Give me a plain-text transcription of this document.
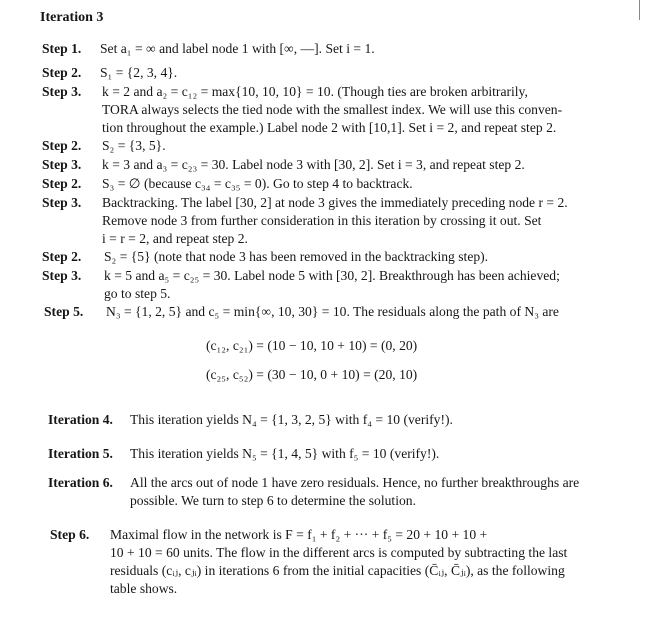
Iteration 3
Step 1.	Set a₁ = ∞ and label node 1 with [∞, —]. Set i = 1.
Step 2.	S₁ = {2, 3, 4}.
Step 3.	k = 2 and a₂ = c₁₂ = max{10, 10, 10} = 10. (Though ties are broken arbitrarily,
TORA always selects the tied node with the smallest index. We will use this conven-
tion throughout the example.) Label node 2 with [10,1]. Set i = 2, and repeat step 2.
Step 2.	S₂ = {3, 5}.
Step 3.	k = 3 and a₃ = c₂₃ = 30. Label node 3 with [30, 2]. Set i = 3, and repeat step 2.
Step 2.	S₃ = ∅ (because c₃₄ = c₃₅ = 0). Go to step 4 to backtrack.
Step 3.	Backtracking. The label [30, 2] at node 3 gives the immediately preceding node r = 2.
Remove node 3 from further consideration in this iteration by crossing it out. Set
i = r = 2, and repeat step 2.
Step 2.	S₂ = {5} (note that node 3 has been removed in the backtracking step).
Step 3.	k = 5 and a₅ = c₂₅ = 30. Label node 5 with [30, 2]. Breakthrough has been achieved;
go to step 5.
Step 5.	N₃ = {1, 2, 5} and c₅ = min{∞, 10, 30} = 10. The residuals along the path of N₃ are
(c₁₂, c₂₁) = (10 − 10, 10 + 10) = (0, 20)
(c₂₅, c₅₂) = (30 − 10, 0 + 10) = (20, 10)
Iteration 4.	This iteration yields N₄ = {1, 3, 2, 5} with f₄ = 10 (verify!).
Iteration 5.	This iteration yields N₅ = {1, 4, 5} with f₅ = 10 (verify!).
Iteration 6.	All the arcs out of node 1 have zero residuals. Hence, no further breakthroughs are
possible. We turn to step 6 to determine the solution.
Step 6.	Maximal flow in the network is F = f₁ + f₂ + ··· + f₅ = 20 + 10 + 10 +
10 + 10 = 60 units. The flow in the different arcs is computed by subtracting the last
residuals (cᵢⱼ, cⱼᵢ) in iterations 6 from the initial capacities (C̄ᵢⱼ, C̄ⱼᵢ), as the following
table shows.
